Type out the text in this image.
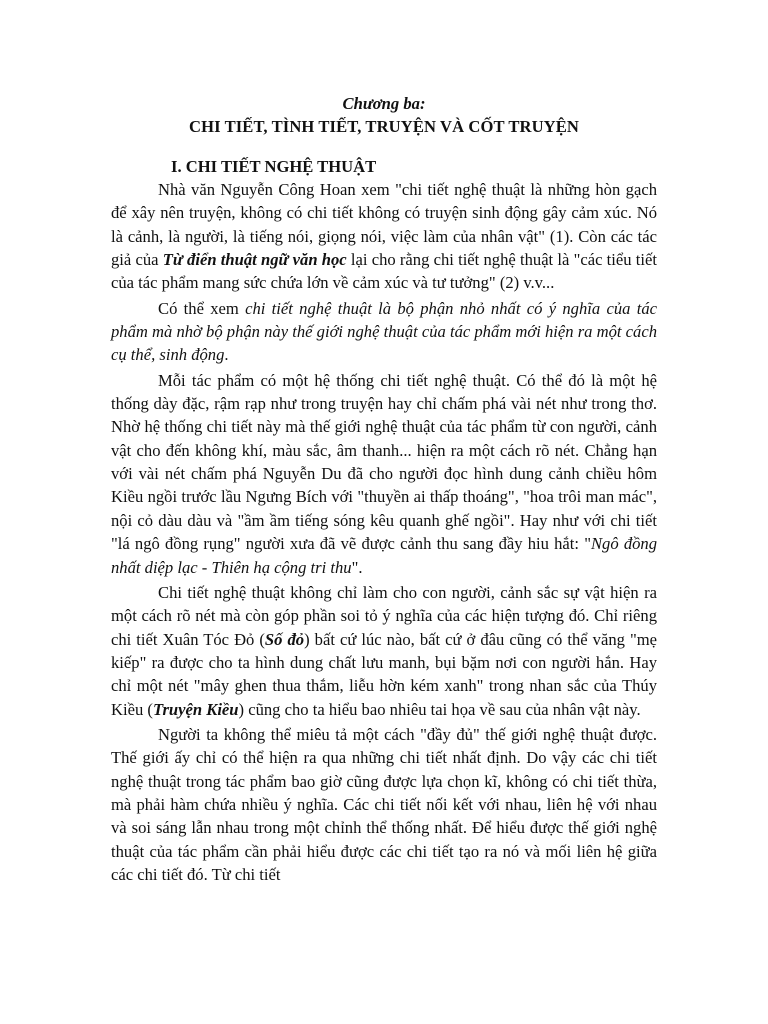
Chương ba:

CHI TIẾT, TÌNH TIẾT, TRUYỆN VÀ CỐT TRUYỆN

I. CHI TIẾT NGHỆ THUẬT

Nhà văn Nguyễn Công Hoan xem "chi tiết nghệ thuật là những hòn gạch để xây nên truyện, không có chi tiết không có truyện sinh động gây cảm xúc. Nó là cảnh, là người, là tiếng nói, giọng nói, việc làm của nhân vật" (1). Còn các tác giả của Từ điển thuật ngữ văn học lại cho rằng chi tiết nghệ thuật là "các tiểu tiết của tác phẩm mang sức chứa lớn về cảm xúc và tư tưởng" (2) v.v...

Có thể xem chi tiết nghệ thuật là bộ phận nhỏ nhất có ý nghĩa của tác phẩm mà nhờ bộ phận này thế giới nghệ thuật của tác phẩm mới hiện ra một cách cụ thể, sinh động.

Mỗi tác phẩm có một hệ thống chi tiết nghệ thuật. Có thể đó là một hệ thống dày đặc, rậm rạp như trong truyện hay chỉ chấm phá vài nét như trong thơ. Nhờ hệ thống chi tiết này mà thế giới nghệ thuật của tác phẩm từ con người, cảnh vật cho đến không khí, màu sắc, âm thanh... hiện ra một cách rõ nét. Chẳng hạn với vài nét chấm phá Nguyễn Du đã cho người đọc hình dung cảnh chiều hôm Kiều ngồi trước lầu Ngưng Bích với "thuyền ai thấp thoáng", "hoa trôi man mác", nội cỏ dàu dàu và "ầm ầm tiếng sóng kêu quanh ghế ngồi". Hay như với chi tiết "lá ngô đồng rụng" người xưa đã vẽ được cảnh thu sang đầy hiu hắt: "Ngô đồng nhất diệp lạc - Thiên hạ cộng tri thu".

Chi tiết nghệ thuật không chỉ làm cho con người, cảnh sắc sự vật hiện ra một cách rõ nét mà còn góp phần soi tỏ ý nghĩa của các hiện tượng đó. Chỉ riêng chi tiết Xuân Tóc Đỏ (Số đỏ) bất cứ lúc nào, bất cứ ở đâu cũng có thể văng "mẹ kiếp" ra được cho ta hình dung chất lưu manh, bụi bặm nơi con người hắn. Hay chỉ một nét "mây ghen thua thắm, liễu hờn kém xanh" trong nhan sắc của Thúy Kiều (Truyện Kiều) cũng cho ta hiểu bao nhiêu tai họa về sau của nhân vật này.

Người ta không thể miêu tả một cách "đầy đủ" thế giới nghệ thuật được. Thế giới ấy chỉ có thể hiện ra qua những chi tiết nhất định. Do vậy các chi tiết nghệ thuật trong tác phẩm bao giờ cũng được lựa chọn kĩ, không có chi tiết thừa, mà phải hàm chứa nhiều ý nghĩa. Các chi tiết nối kết với nhau, liên hệ với nhau và soi sáng lẫn nhau trong một chỉnh thể thống nhất. Để hiểu được thế giới nghệ thuật của tác phẩm cần phải hiểu được các chi tiết tạo ra nó và mối liên hệ giữa các chi tiết đó. Từ chi tiết
